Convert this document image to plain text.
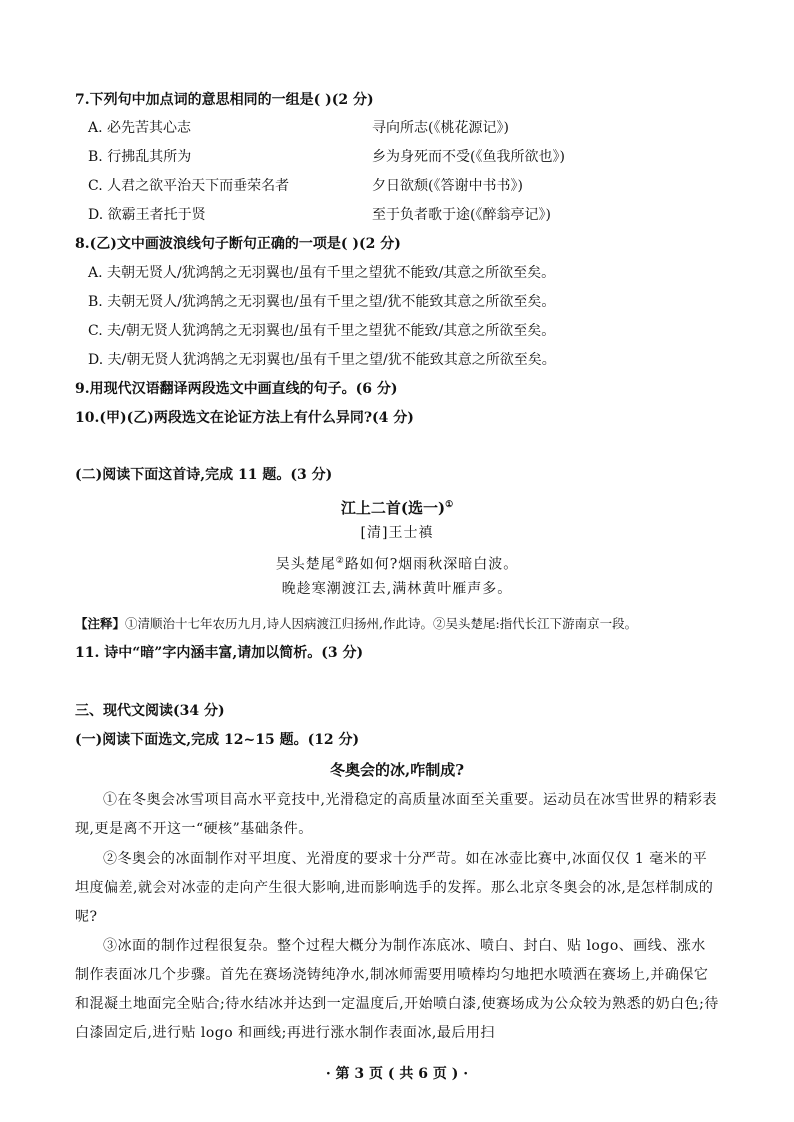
7.下列句中加点词的意思相同的一组是( )(2 分)
A. 必先苦其心志	寻向所志(《桃花源记》)
B. 行拂乱其所为	乡为身死而不受(《鱼我所欲也》)
C. 人君之欲平治天下而垂荣名者	夕日欲颓(《答谢中书书》)
D. 欲霸王者托于贤	至于负者歌于途(《醉翁亭记》)
8.(乙)文中画波浪线句子断句正确的一项是( )(2 分)
A. 夫朝无贤人/犹鸿鹄之无羽翼也/虽有千里之望犹不能致/其意之所欲至矣。
B. 夫朝无贤人/犹鸿鹄之无羽翼也/虽有千里之望/犹不能致其意之所欲至矣。
C. 夫/朝无贤人犹鸿鹄之无羽翼也/虽有千里之望犹不能致/其意之所欲至矣。
D. 夫/朝无贤人犹鸿鹄之无羽翼也/虽有千里之望/犹不能致其意之所欲至矣。
9.用现代汉语翻译两段选文中画直线的句子。(6 分)
10.(甲)(乙)两段选文在论证方法上有什么异同?(4 分)
(二)阅读下面这首诗,完成 11 题。(3 分)
江上二首(选一)①
[清]王士禛
吴头楚尾②路如何?烟雨秋深暗白波。
晚趁寒潮渡江去,满林黄叶雁声多。
【注释】①清顺治十七年农历九月,诗人因病渡江归扬州,作此诗。②吴头楚尾:指代长江下游南京一段。
11. 诗中“暗”字内涵丰富,请加以简析。(3 分)
三、现代文阅读(34 分)
(一)阅读下面选文,完成 12~15 题。(12 分)
冬奥会的冰,咋制成?
①在冬奥会冰雪项目高水平竞技中,光滑稳定的高质量冰面至关重要。运动员在冰雪世界的精彩表现,更是离不开这一“硬核”基础条件。
②冬奥会的冰面制作对平坦度、光滑度的要求十分严苛。如在冰壶比赛中,冰面仅仅 1 毫米的平坦度偏差,就会对冰壶的走向产生很大影响,进而影响选手的发挥。那么北京冬奥会的冰,是怎样制成的呢?
③冰面的制作过程很复杂。整个过程大概分为制作冻底冰、喷白、封白、贴 logo、画线、涨水制作表面冰几个步骤。首先在赛场浇铸纯净水,制冰师需要用喷棒均匀地把水喷洒在赛场上,并确保它和混凝土地面完全贴合;待水结冰并达到一定温度后,开始喷白漆,使赛场成为公众较为熟悉的奶白色;待白漆固定后,进行贴 logo 和画线;再进行涨水制作表面冰,最后用扫
· 第 3 页 ( 共 6 页 ) ·
